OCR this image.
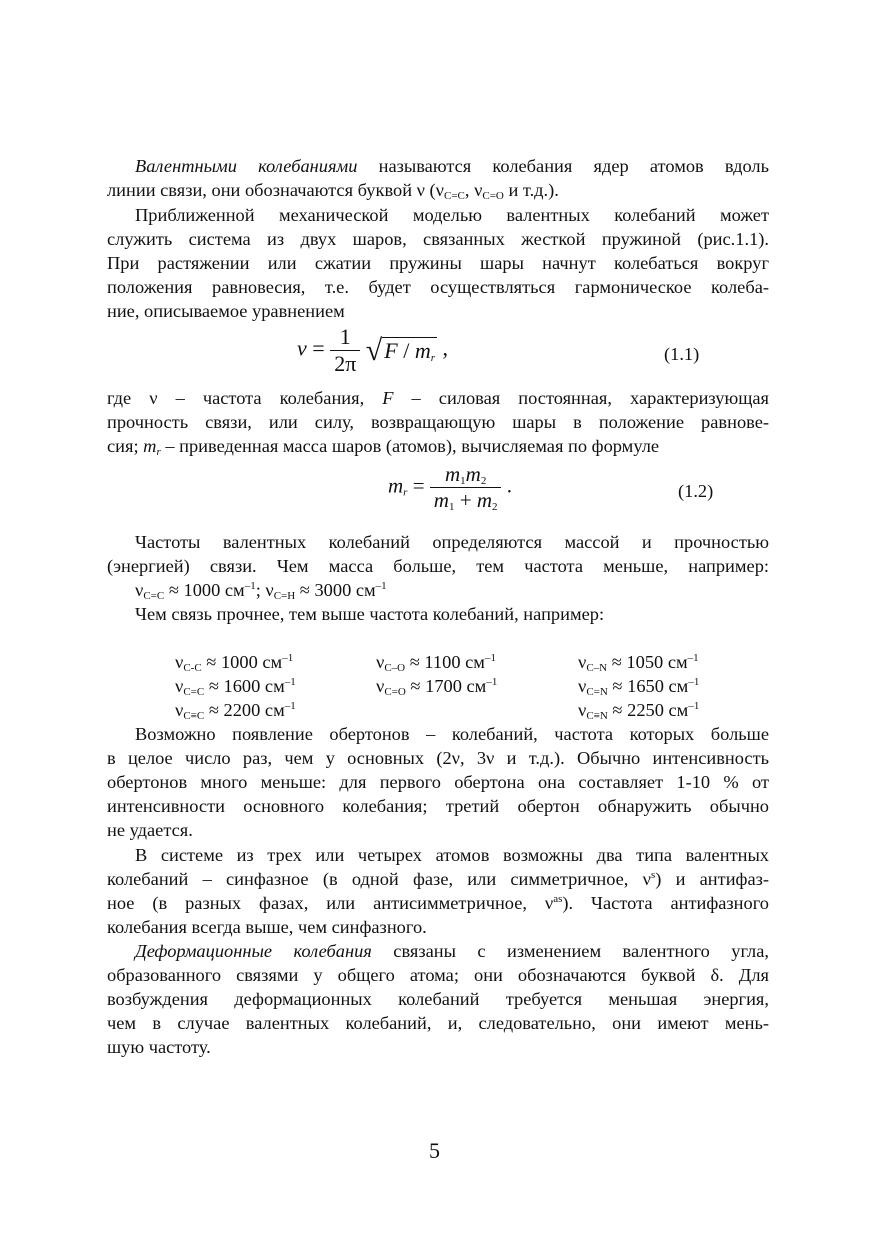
Валентными колебаниями называются колебания ядер атомов вдоль
линии связи, они обозначаются буквой ν ($\nu_{C=C}$, $\nu_{C=O}$ и т.д.).
Приближенной механической моделью валентных колебаний может
служить система из двух шаров, связанных жесткой пружиной (рис.1.1).
При растяжении или сжатии пружины шары начнут колебаться вокруг
положения равновесия, т.е. будет осуществляться гармоническое колеба-
ние, описываемое уравнением
$\nu = \frac{1}{2\pi} √F / m_r$ ,	(1.1)
где ν – частота колебания, F – силовая постоянная, характеризующая
прочность связи, или силу, возвращающую шары в положение равнове-
сия; $m_r$ – приведенная масса шаров (атомов), вычисляемая по формуле
$m_r = \frac{m_1m_2}{m_1 + m_2}$ .	(1.2)
Частоты валентных колебаний определяются массой и прочностью
(энергией) связи. Чем масса больше, тем частота меньше, например:
$\nu_{C=C} \approx 1000$ $см^{-1}$; $\nu_{C=H} \approx 3000$ $см^{-1}$
Чем связь прочнее, тем выше частота колебаний, например:
$\nu_{C-C} \approx 1000$ $см^{-1}$
$\nu_{C=C} \approx 1600$ $см^{-1}$
$\nu_{C\equiv C} \approx 2200$ $см^{-1}$
$\nu_{C-O} \approx 1100$ $см^{-1}$
$\nu_{C=O} \approx 1700$ $см^{-1}$
$\nu_{C-N} \approx 1050$ $см^{-1}$
$\nu_{C=N} \approx 1650$ $см^{-1}$
$\nu_{C\equiv N} \approx 2250$ $см^{-1}$
Возможно появление обертонов – колебаний, частота которых больше
в целое число раз, чем у основных (2ν, 3ν и т.д.). Обычно интенсивность
обертонов много меньше: для первого обертона она составляет 1-10 % от
интенсивности основного колебания; третий обертон обнаружить обычно
не удается.
В системе из трех или четырех атомов возможны два типа валентных
колебаний – синфазное (в одной фазе, или симметричное, $\nu^s$) и антифаз-
ное (в разных фазах, или антисимметричное, $\nu^{as}$). Частота антифазного
колебания всегда выше, чем синфазного.
Деформационные колебания связаны с изменением валентного угла,
образованного связями у общего атома; они обозначаются буквой δ. Для
возбуждения деформационных колебаний требуется меньшая энергия,
чем в случае валентных колебаний, и, следовательно, они имеют мень-
шую частоту.
5
